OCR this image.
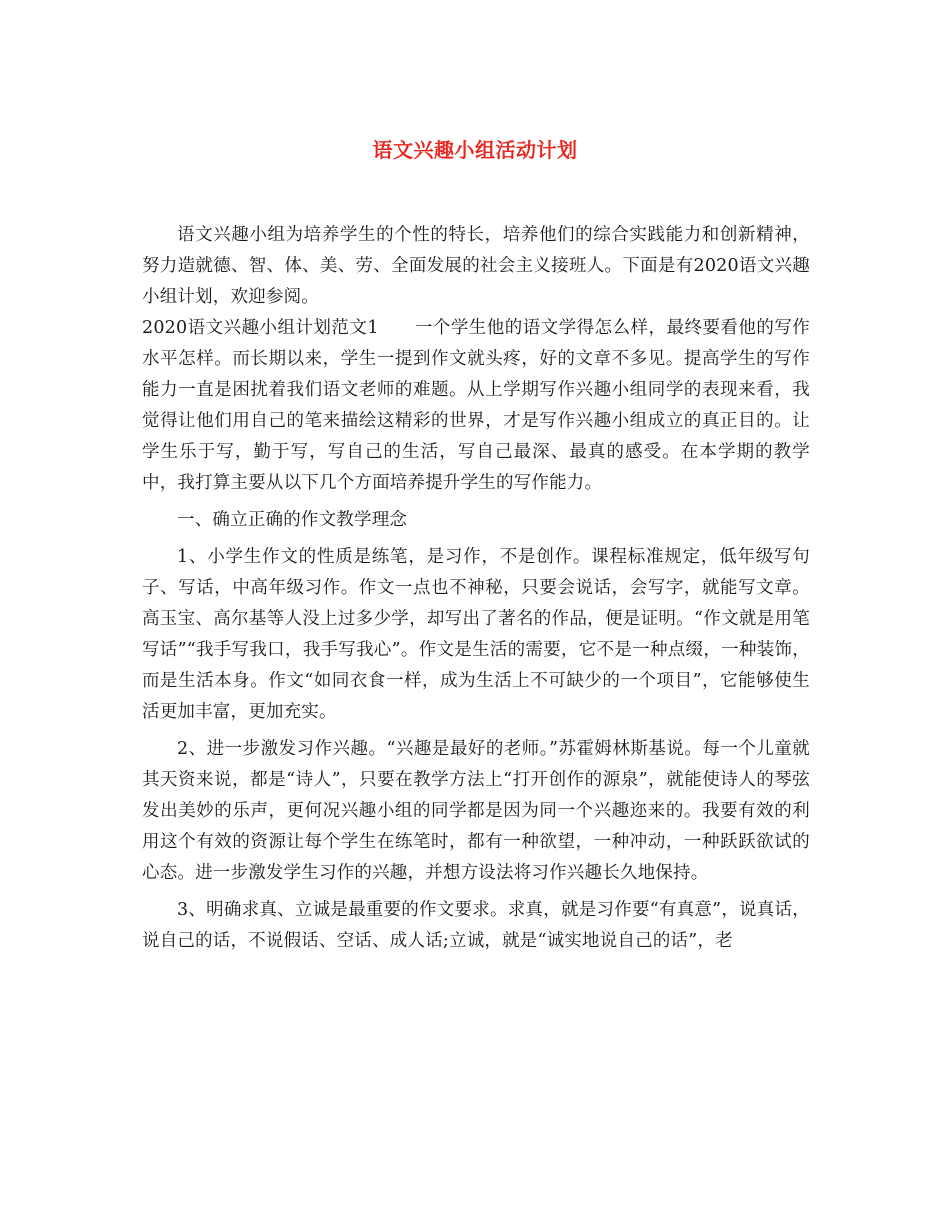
语文兴趣小组活动计划

语文兴趣小组为培养学生的个性的特长，培养他们的综合实践能力和创新精神，努力造就德、智、体、美、劳、全面发展的社会主义接班人。下面是有2020语文兴趣小组计划，欢迎参阅。

2020语文兴趣小组计划范文1　　一个学生他的语文学得怎么样，最终要看他的写作水平怎样。而长期以来，学生一提到作文就头疼，好的文章不多见。提高学生的写作能力一直是困扰着我们语文老师的难题。从上学期写作兴趣小组同学的表现来看，我觉得让他们用自己的笔来描绘这精彩的世界，才是写作兴趣小组成立的真正目的。让学生乐于写，勤于写，写自己的生活，写自己最深、最真的感受。在本学期的教学中，我打算主要从以下几个方面培养提升学生的写作能力。

一、确立正确的作文教学理念

1、小学生作文的性质是练笔，是习作，不是创作。课程标准规定，低年级写句子、写话，中高年级习作。作文一点也不神秘，只要会说话，会写字，就能写文章。高玉宝、高尔基等人没上过多少学，却写出了著名的作品，便是证明。“作文就是用笔写话”“我手写我口，我手写我心”。作文是生活的需要，它不是一种点缀，一种装饰，而是生活本身。作文“如同衣食一样，成为生活上不可缺少的一个项目”，它能够使生活更加丰富，更加充实。

2、进一步激发习作兴趣。“兴趣是最好的老师。”苏霍姆林斯基说。每一个儿童就其天资来说，都是“诗人”，只要在教学方法上“打开创作的源泉”，就能使诗人的琴弦发出美妙的乐声，更何况兴趣小组的同学都是因为同一个兴趣迩来的。我要有效的利用这个有效的资源让每个学生在练笔时，都有一种欲望，一种冲动，一种跃跃欲试的心态。进一步激发学生习作的兴趣，并想方设法将习作兴趣长久地保持。

3、明确求真、立诚是最重要的作文要求。求真，就是习作要“有真意”，说真话，说自己的话，不说假话、空话、成人话;立诚，就是“诚实地说自己的话”，老
